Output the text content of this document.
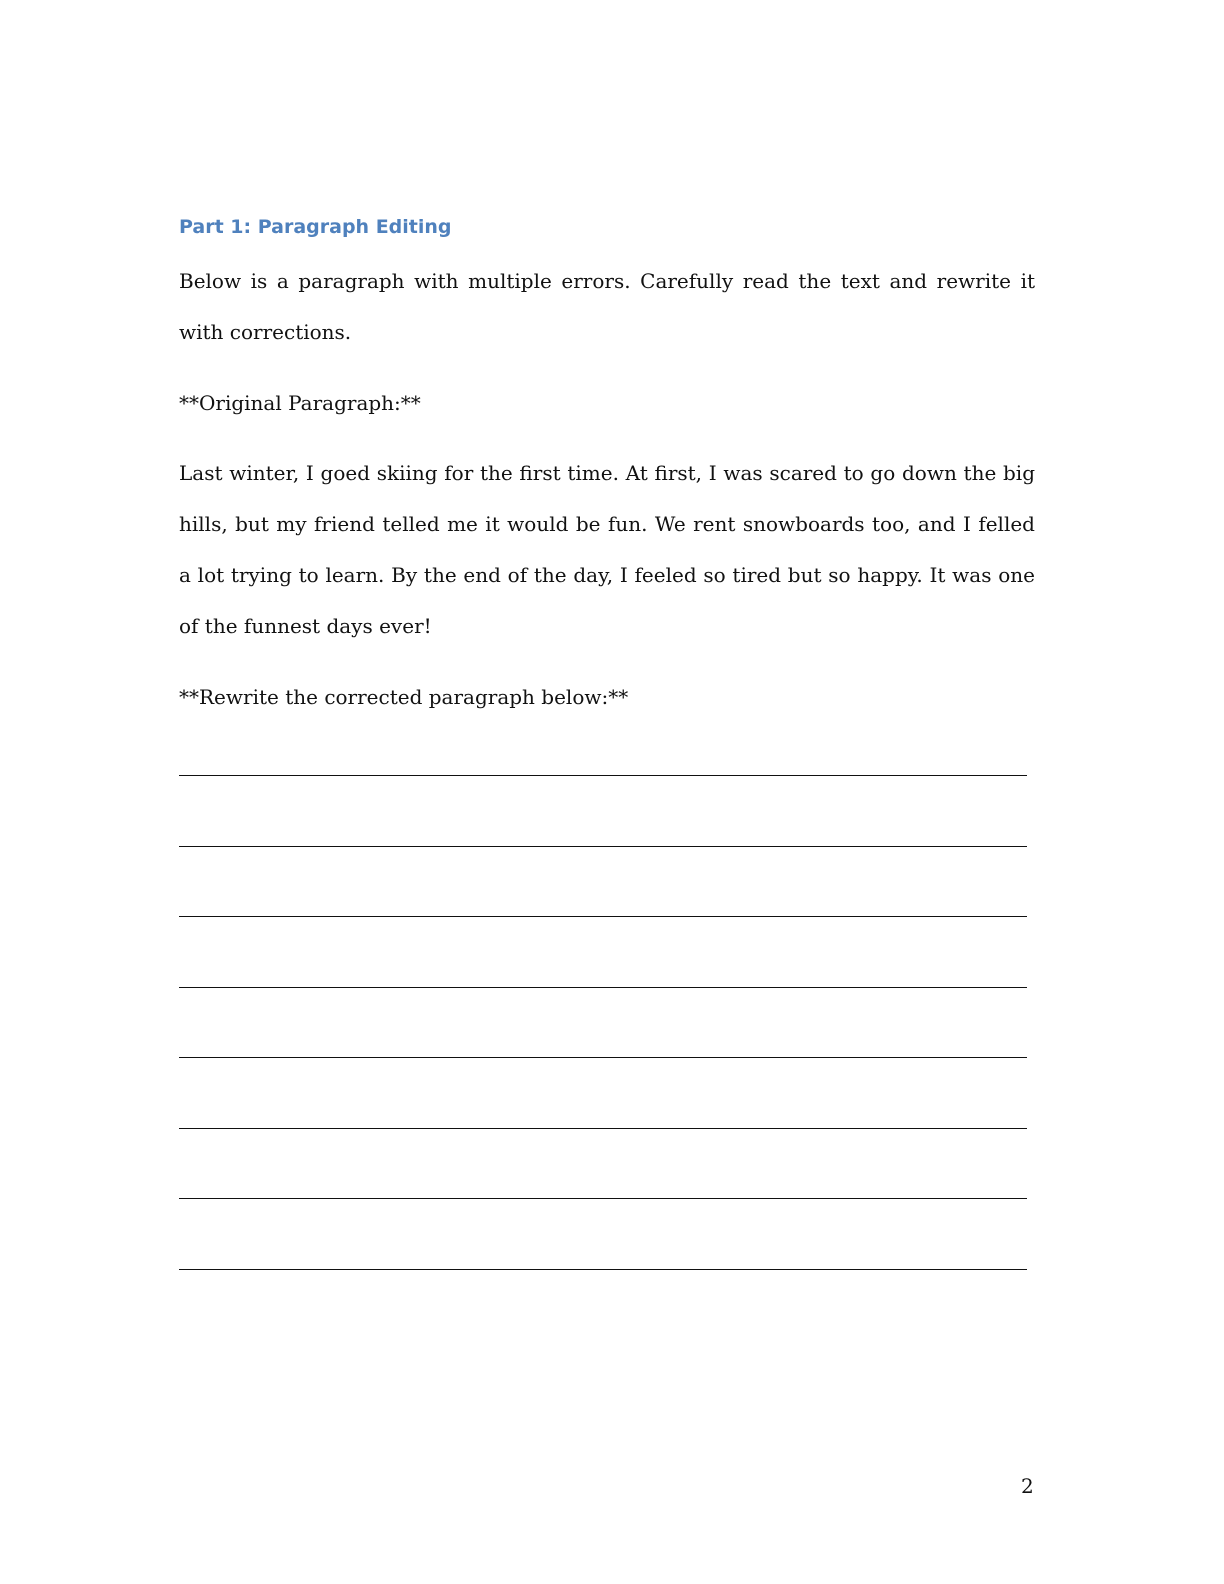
Part 1: Paragraph Editing
Below is a paragraph with multiple errors. Carefully read the text and rewrite it with corrections.
**Original Paragraph:**
Last winter, I goed skiing for the first time. At first, I was scared to go down the big hills, but my friend telled me it would be fun. We rent snowboards too, and I felled a lot trying to learn. By the end of the day, I feeled so tired but so happy. It was one of the funnest days ever!
**Rewrite the corrected paragraph below:**
2
